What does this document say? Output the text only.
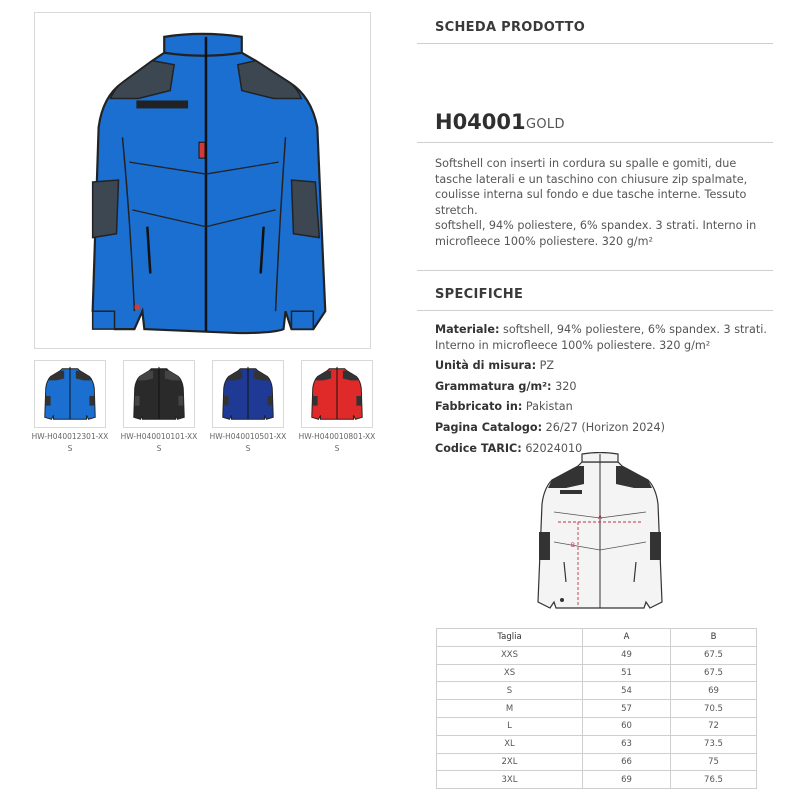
HW-H040012301-XXS
HW-H040010101-XXS
HW-H040010501-XXS
HW-H040010801-XXS
SCHEDA PRODOTTO
H04001 GOLD
Softshell con inserti in cordura su spalle e gomiti, due tasche laterali e un taschino con chiusure zip spalmate, coulisse interna sul fondo e due tasche interne. Tessuto stretch.
softshell, 94% poliestere, 6% spandex. 3 strati. Interno in microfleece 100% poliestere. 320 g/m²
SPECIFICHE
Materiale: softshell, 94% poliestere, 6% spandex. 3 strati. Interno in microfleece 100% poliestere. 320 g/m²
Unità di misura: PZ
Grammatura g/m²: 320
Fabbricato in: Pakistan
Pagina Catalogo: 26/27 (Horizon 2024)
Codice TARIC: 62024010
A
B
Taglia	A	B
XXS	49	67.5
XS	51	67.5
S	54	69
M	57	70.5
L	60	72
XL	63	73.5
2XL	66	75
3XL	69	76.5
